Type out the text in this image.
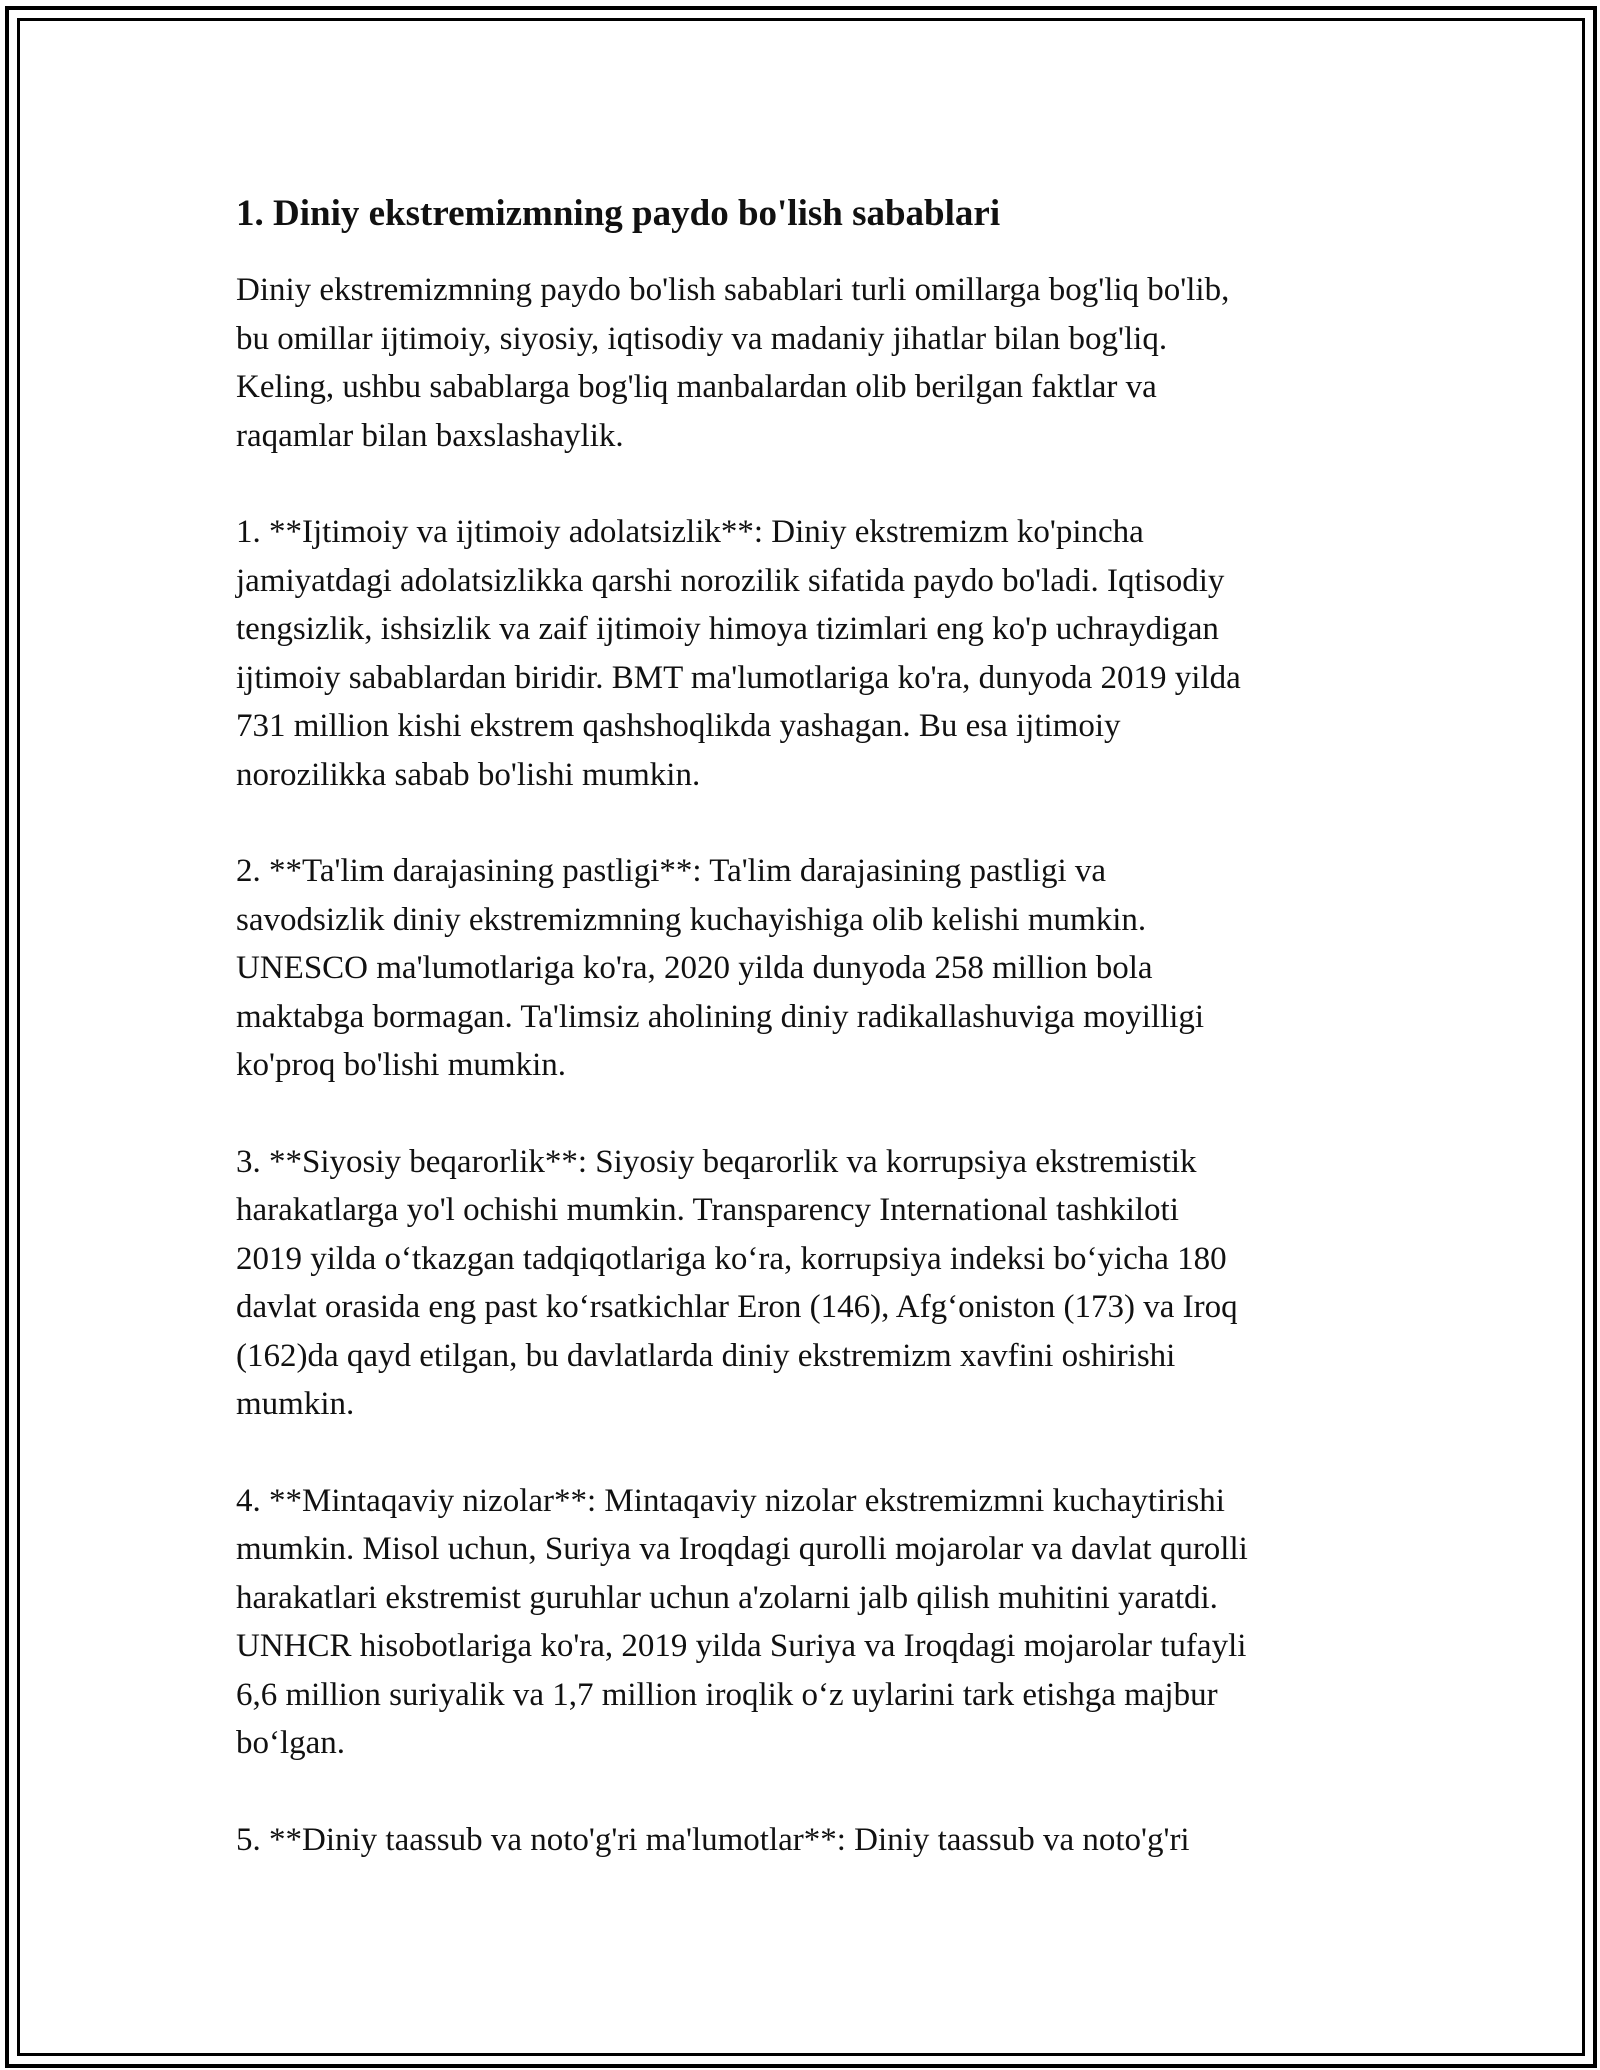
1. Diniy ekstremizmning paydo bo'lish sabablari

Diniy ekstremizmning paydo bo'lish sabablari turli omillarga bog'liq bo'lib,
bu omillar ijtimoiy, siyosiy, iqtisodiy va madaniy jihatlar bilan bog'liq.
Keling, ushbu sabablarga bog'liq manbalardan olib berilgan faktlar va
raqamlar bilan baxslashaylik.

1. **Ijtimoiy va ijtimoiy adolatsizlik**: Diniy ekstremizm ko'pincha
jamiyatdagi adolatsizlikka qarshi norozilik sifatida paydo bo'ladi. Iqtisodiy
tengsizlik, ishsizlik va zaif ijtimoiy himoya tizimlari eng ko'p uchraydigan
ijtimoiy sabablardan biridir. BMT ma'lumotlariga ko'ra, dunyoda 2019 yilda
731 million kishi ekstrem qashshoqlikda yashagan. Bu esa ijtimoiy
norozilikka sabab bo'lishi mumkin.

2. **Ta'lim darajasining pastligi**: Ta'lim darajasining pastligi va
savodsizlik diniy ekstremizmning kuchayishiga olib kelishi mumkin.
UNESCO ma'lumotlariga ko'ra, 2020 yilda dunyoda 258 million bola
maktabga bormagan. Ta'limsiz aholining diniy radikallashuviga moyilligi
ko'proq bo'lishi mumkin.

3. **Siyosiy beqarorlik**: Siyosiy beqarorlik va korrupsiya ekstremistik
harakatlarga yo'l ochishi mumkin. Transparency International tashkiloti
2019 yilda oʻtkazgan tadqiqotlariga koʻra, korrupsiya indeksi boʻyicha 180
davlat orasida eng past koʻrsatkichlar Eron (146), Afgʻoniston (173) va Iroq
(162)da qayd etilgan, bu davlatlarda diniy ekstremizm xavfini oshirishi
mumkin.

4. **Mintaqaviy nizolar**: Mintaqaviy nizolar ekstremizmni kuchaytirishi
mumkin. Misol uchun, Suriya va Iroqdagi qurolli mojarolar va davlat qurolli
harakatlari ekstremist guruhlar uchun a'zolarni jalb qilish muhitini yaratdi.
UNHCR hisobotlariga ko'ra, 2019 yilda Suriya va Iroqdagi mojarolar tufayli
6,6 million suriyalik va 1,7 million iroqlik oʻz uylarini tark etishga majbur
boʻlgan.

5. **Diniy taassub va noto'g'ri ma'lumotlar**: Diniy taassub va noto'g'ri
